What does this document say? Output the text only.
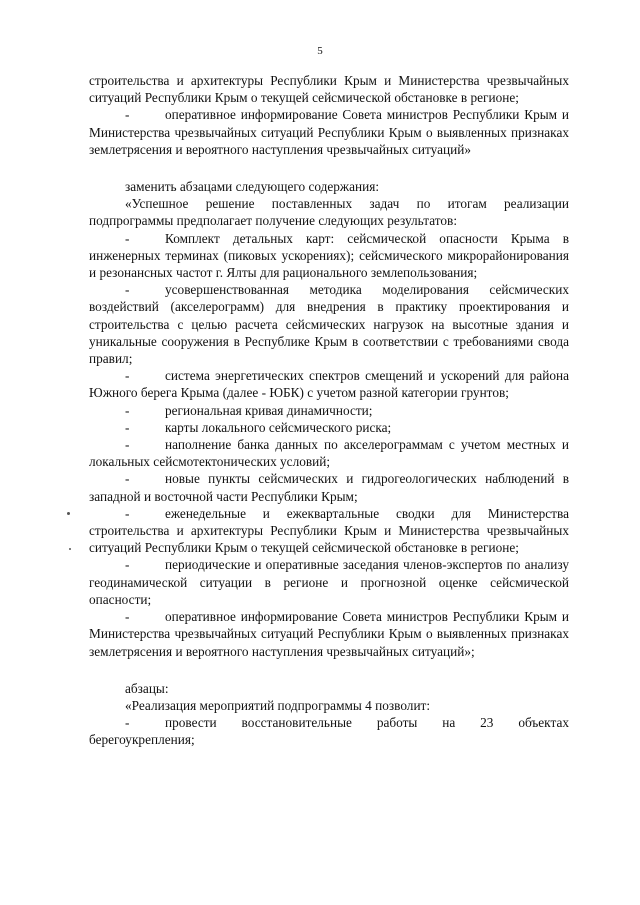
5

строительства и архитектуры Республики Крым и Министерства чрезвычайных ситуаций Республики Крым о текущей сейсмической обстановке в регионе;

-	оперативное информирование Совета министров Республики Крым и Министерства чрезвычайных ситуаций Республики Крым о выявленных признаках землетрясения и вероятного наступления чрезвычайных ситуаций»

заменить абзацами следующего содержания:

«Успешное решение поставленных задач по итогам реализации подпрограммы предполагает получение следующих результатов:

-	Комплект детальных карт: сейсмической опасности Крыма в инженерных терминах (пиковых ускорениях); сейсмического микрорайонирования и резонансных частот г. Ялты для рационального землепользования;

-	усовершенствованная методика моделирования сейсмических воздействий (акселерограмм) для внедрения в практику проектирования и строительства с целью расчета сейсмических нагрузок на высотные здания и уникальные сооружения в Республике Крым в соответствии с требованиями свода правил;

-	система энергетических спектров смещений и ускорений для района Южного берега Крыма (далее - ЮБК) с учетом разной категории грунтов;

-	региональная кривая динамичности;

-	карты локального сейсмического риска;

-	наполнение банка данных по акселерограммам с учетом местных и локальных сейсмотектонических условий;

-	новые пункты сейсмических и гидрогеологических наблюдений в западной и восточной части Республики Крым;

-	еженедельные и ежеквартальные сводки для Министерства строительства и архитектуры Республики Крым и Министерства чрезвычайных ситуаций Республики Крым о текущей сейсмической обстановке в регионе;

-	периодические и оперативные заседания членов-экспертов по анализу геодинамической ситуации в регионе и прогнозной оценке сейсмической опасности;

-	оперативное информирование Совета министров Республики Крым и Министерства чрезвычайных ситуаций Республики Крым о выявленных признаках землетрясения и вероятного наступления чрезвычайных ситуаций»;

абзацы:

«Реализация мероприятий подпрограммы 4 позволит:

-	провести восстановительные работы на 23 объектах берегоукрепления;
